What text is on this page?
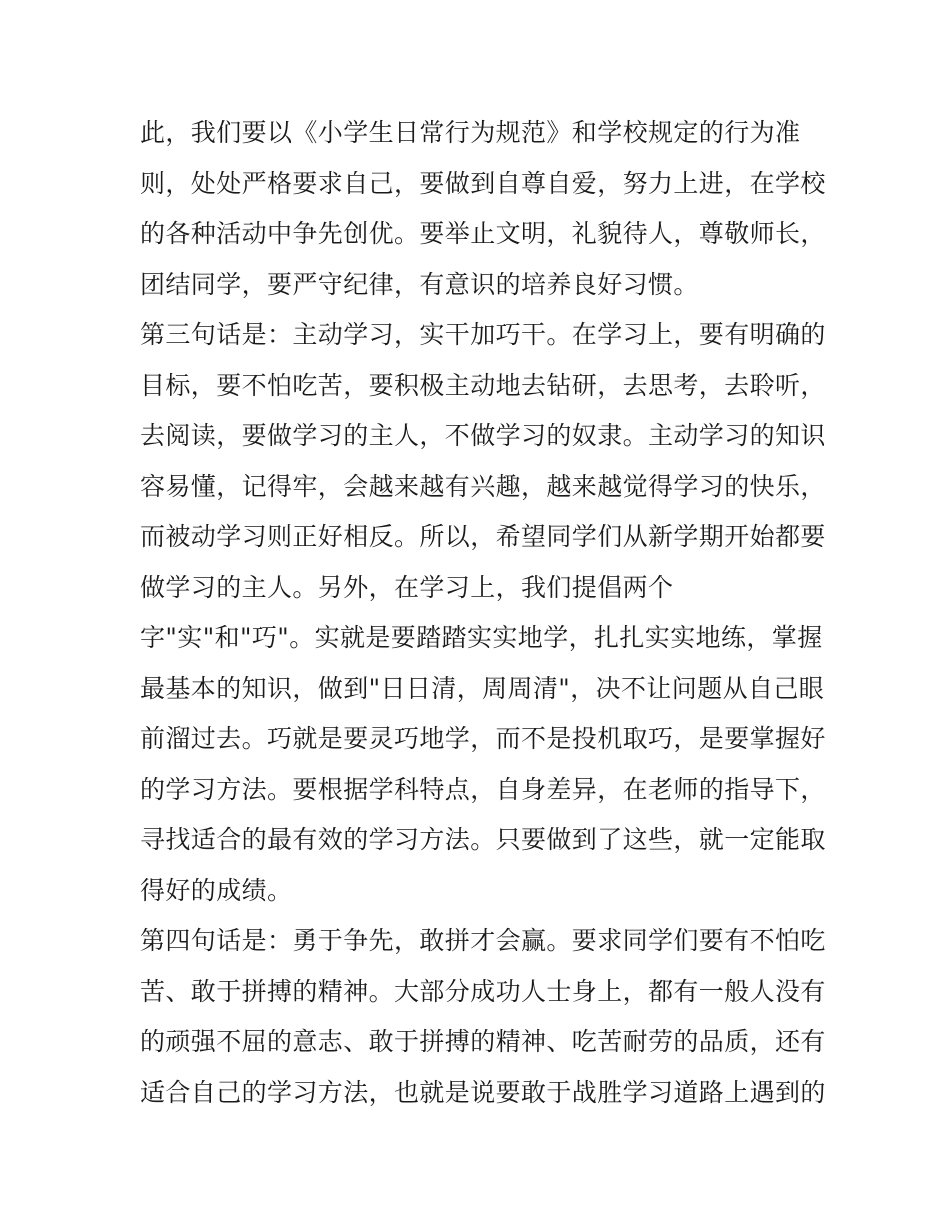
此，我们要以《小学生日常行为规范》和学校规定的行为准
则，处处严格要求自己，要做到自尊自爱，努力上进，在学校
的各种活动中争先创优。要举止文明，礼貌待人，尊敬师长，
团结同学，要严守纪律，有意识的培养良好习惯。
第三句话是：主动学习，实干加巧干。在学习上，要有明确的
目标，要不怕吃苦，要积极主动地去钻研，去思考，去聆听，
去阅读，要做学习的主人，不做学习的奴隶。主动学习的知识
容易懂，记得牢，会越来越有兴趣，越来越觉得学习的快乐，
而被动学习则正好相反。所以，希望同学们从新学期开始都要
做学习的主人。另外，在学习上，我们提倡两个
字"实"和"巧"。实就是要踏踏实实地学，扎扎实实地练，掌握
最基本的知识，做到"日日清，周周清"，决不让问题从自己眼
前溜过去。巧就是要灵巧地学，而不是投机取巧，是要掌握好
的学习方法。要根据学科特点，自身差异，在老师的指导下，
寻找适合的最有效的学习方法。只要做到了这些，就一定能取
得好的成绩。
第四句话是：勇于争先，敢拼才会赢。要求同学们要有不怕吃
苦、敢于拼搏的精神。大部分成功人士身上，都有一般人没有
的顽强不屈的意志、敢于拼搏的精神、吃苦耐劳的品质，还有
适合自己的学习方法，也就是说要敢于战胜学习道路上遇到的
